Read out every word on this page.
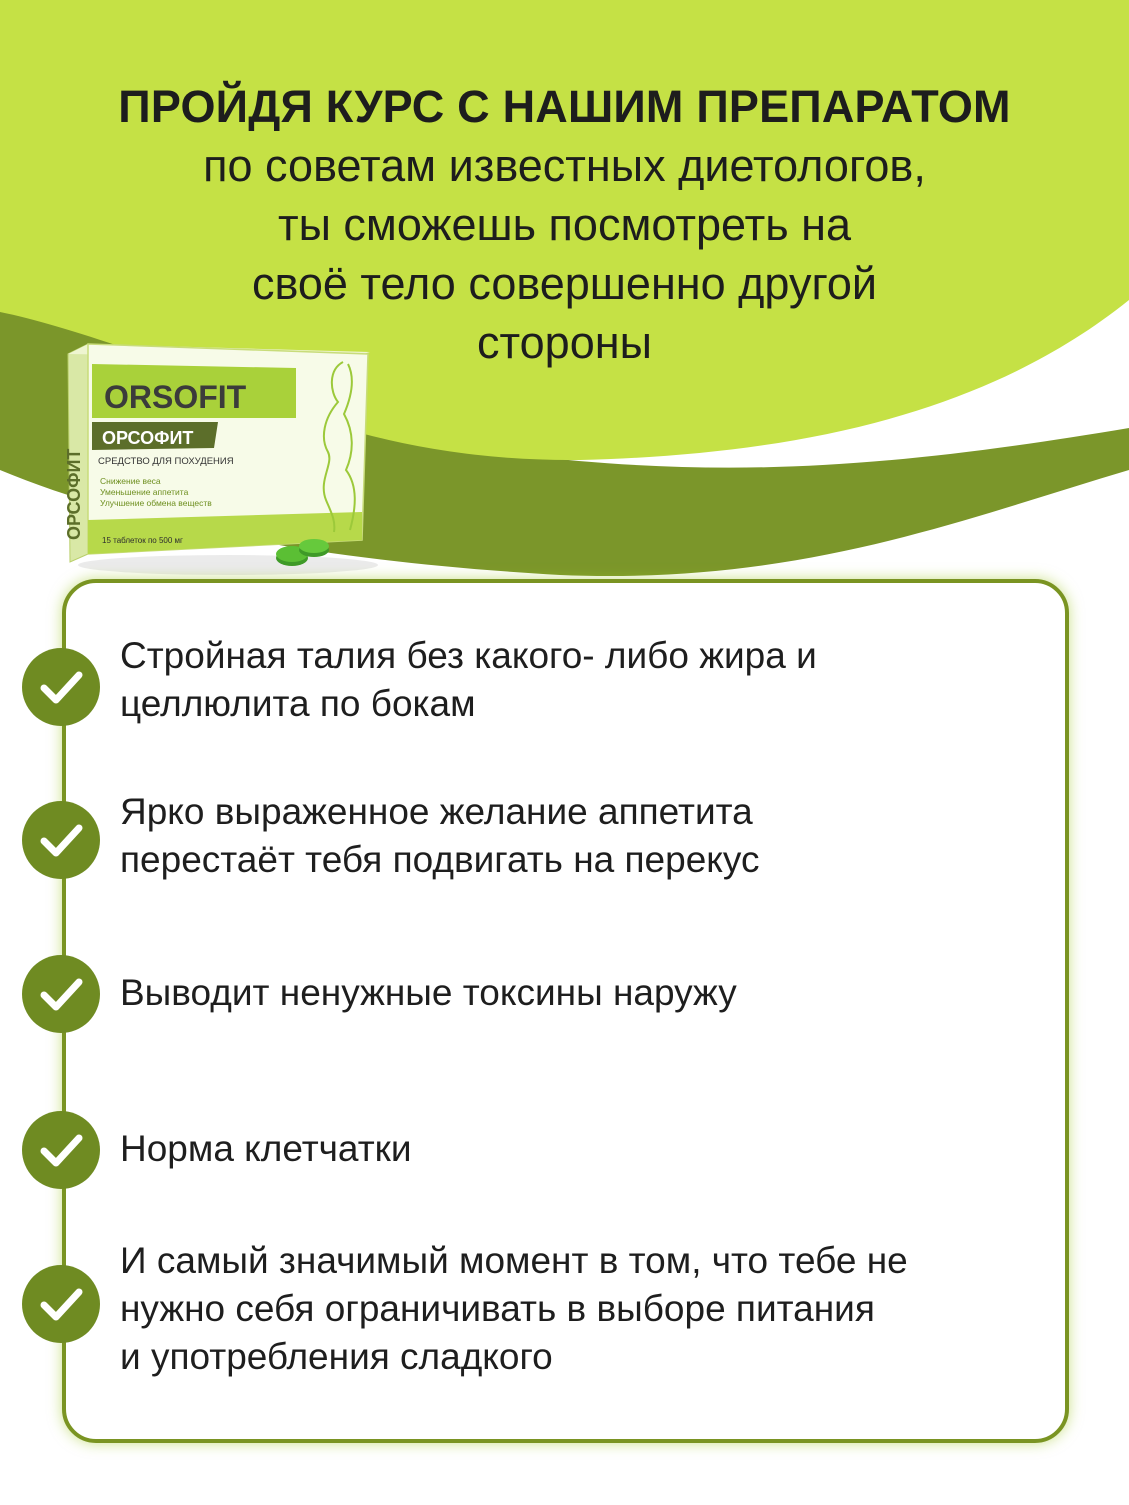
ПРОЙДЯ КУРС С НАШИМ ПРЕПАРАТОМ
по советам известных диетологов,
ты сможешь посмотреть на
своё тело совершенно другой
стороны
ORSOFIT
ОРСОФИТ
СРЕДСТВО ДЛЯ ПОХУДЕНИЯ
Снижение веса
Уменьшение аппетита
Улучшение обмена веществ
15 таблеток по 500 мг
ОРСОФИТ
Стройная талия без какого- либо жира и
целлюлита по бокам
Ярко выраженное желание аппетита
перестаёт тебя подвигать на перекус
Выводит ненужные токсины наружу
Норма клетчатки
И самый значимый момент в том, что тебе не
нужно себя ограничивать в выборе питания
и употребления сладкого
